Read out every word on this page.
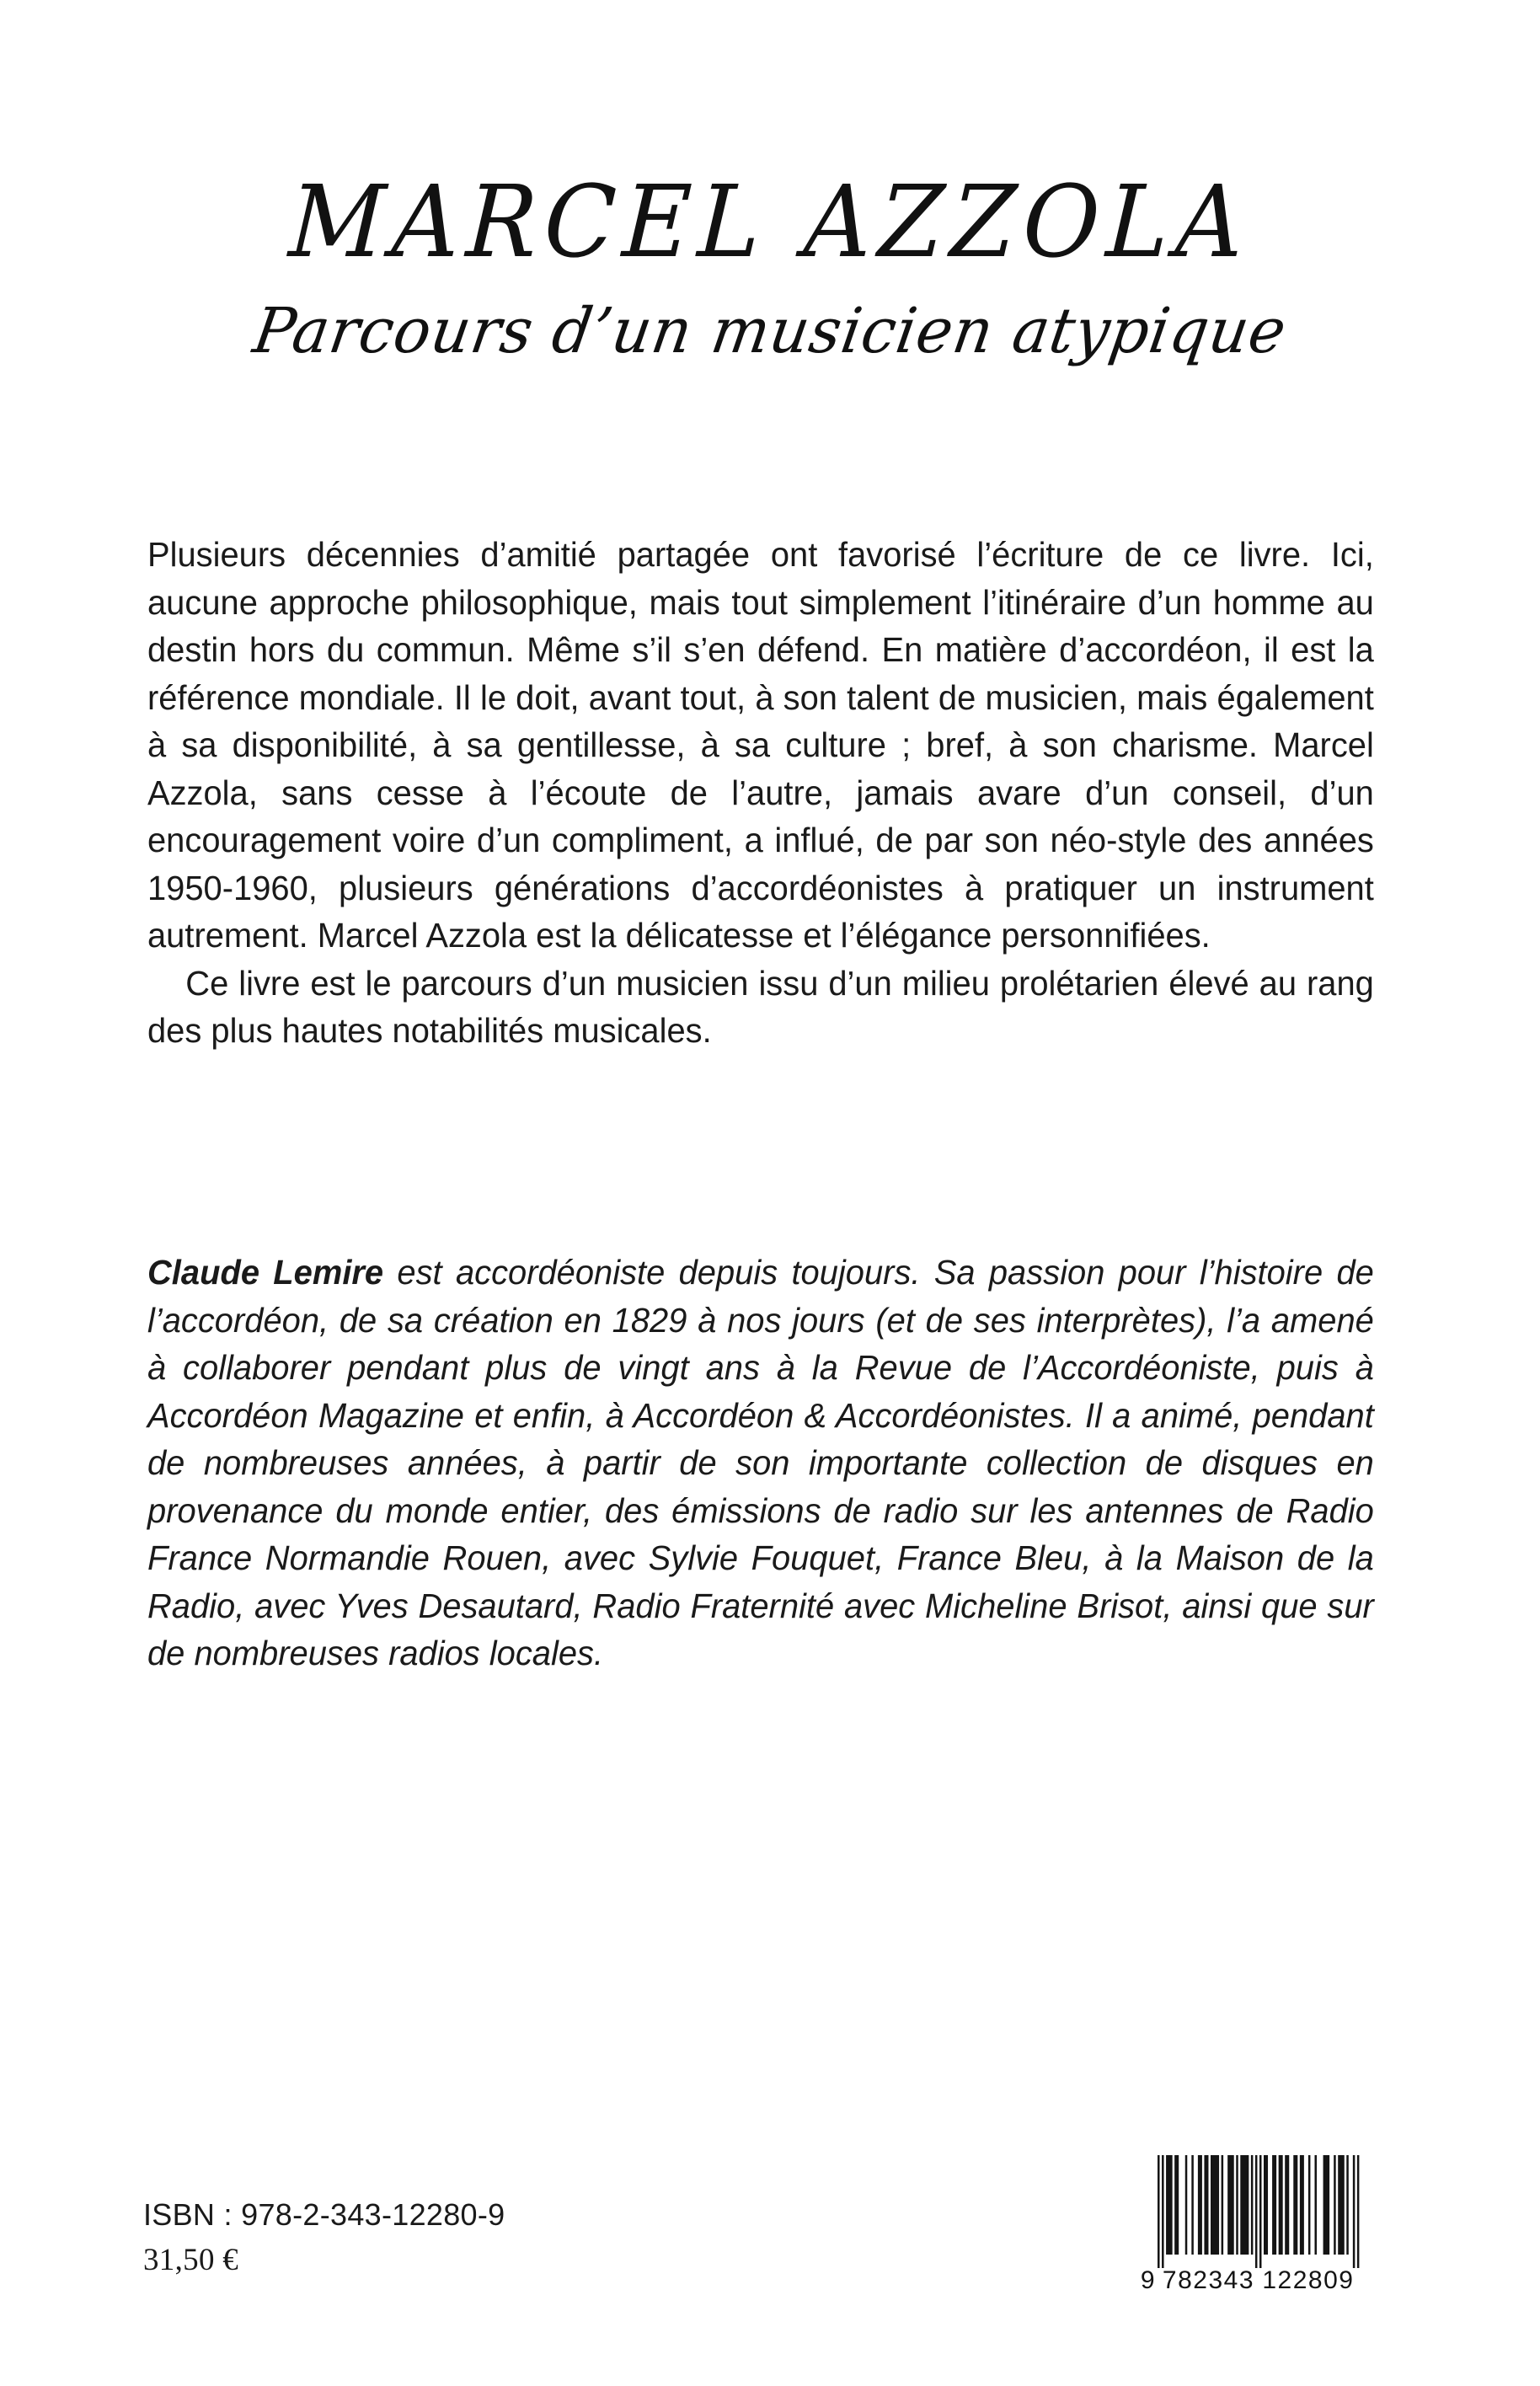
MARCEL AZZOLA
Parcours d’un musicien atypique

Plusieurs décennies d’amitié partagée ont favorisé l’écriture de ce livre. Ici, aucune approche philosophique, mais tout simplement l’itinéraire d’un homme au destin hors du commun. Même s’il s’en défend. En matière d’accordéon, il est la référence mondiale. Il le doit, avant tout, à son talent de musicien, mais également à sa disponibilité, à sa gentillesse, à sa culture ; bref, à son charisme. Marcel Azzola, sans cesse à l’écoute de l’autre, jamais avare d’un conseil, d’un encouragement voire d’un compliment, a influé, de par son néo-style des années 1950-1960, plusieurs générations d’accordéonistes à pratiquer un instrument autrement. Marcel Azzola est la délicatesse et l’élégance personnifiées.

Ce livre est le parcours d’un musicien issu d’un milieu prolétarien élevé au rang des plus hautes notabilités musicales.

Claude Lemire est accordéoniste depuis toujours. Sa passion pour l’histoire de l’accordéon, de sa création en 1829 à nos jours (et de ses interprètes), l’a amené à collaborer pendant plus de vingt ans à la Revue de l’Accordéoniste, puis à Accordéon Magazine et enfin, à Accordéon & Accordéonistes. Il a animé, pendant de nombreuses années, à partir de son importante collection de disques en provenance du monde entier, des émissions de radio sur les antennes de Radio France Normandie Rouen, avec Sylvie Fouquet, France Bleu, à la Maison de la Radio, avec Yves Desautard, Radio Fraternité avec Micheline Brisot, ainsi que sur de nombreuses radios locales.

ISBN : 978-2-343-12280-9
31,50 €
9 782343 122809
